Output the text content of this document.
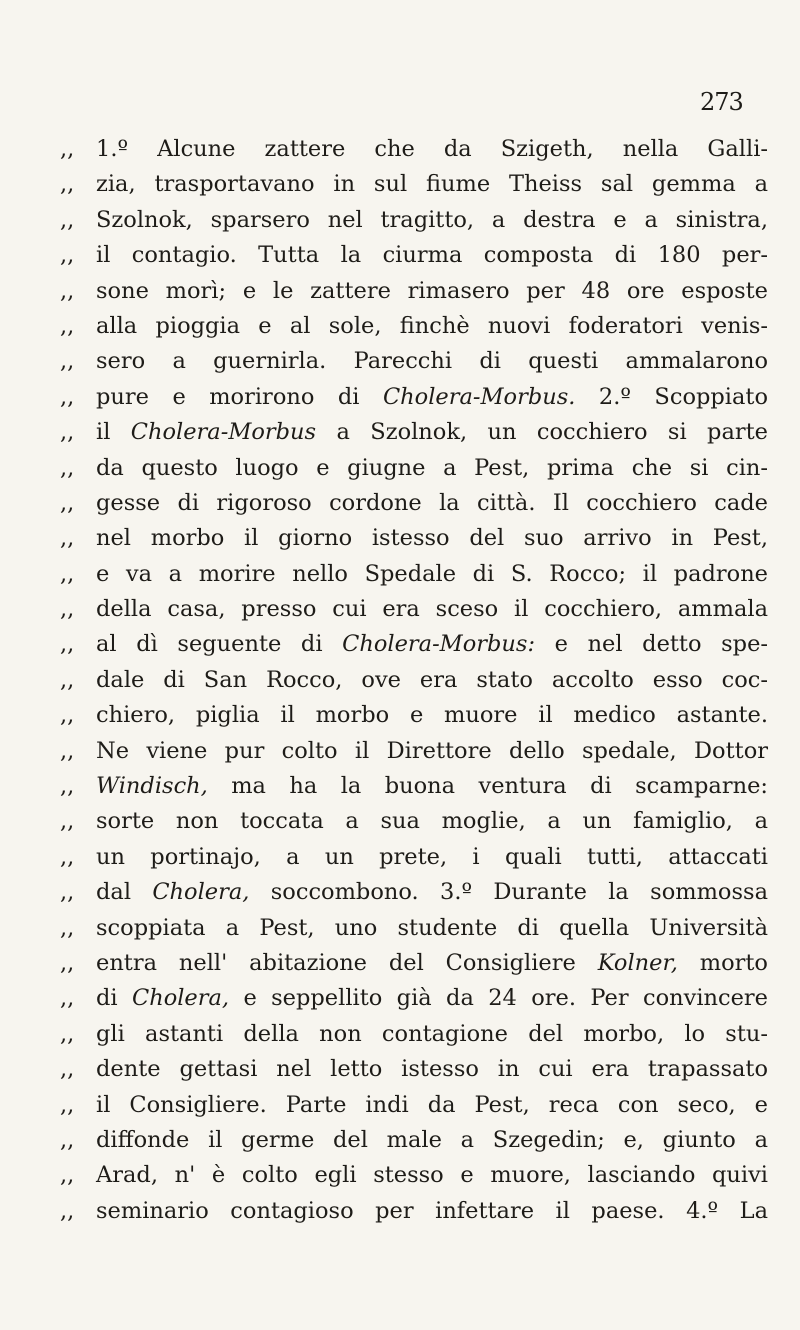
273
,, 1.º Alcune zattere che da Szigeth, nella Galli-
,, zia, trasportavano in sul fiume Theiss sal gemma a
,, Szolnok, sparsero nel tragitto, a destra e a sinistra,
,, il contagio. Tutta la ciurma composta di 180 per-
,, sone morì; e le zattere rimasero per 48 ore esposte
,, alla pioggia e al sole, finchè nuovi foderatori venis-
,, sero a guernirla. Parecchi di questi ammalarono
,, pure e morirono di Cholera-Morbus. 2.º Scoppiato
,, il Cholera-Morbus a Szolnok, un cocchiero si parte
,, da questo luogo e giugne a Pest, prima che si cin-
,, gesse di rigoroso cordone la città. Il cocchiero cade
,, nel morbo il giorno istesso del suo arrivo in Pest,
,, e va a morire nello Spedale di S. Rocco; il padrone
,, della casa, presso cui era sceso il cocchiero, ammala
,, al dì seguente di Cholera-Morbus: e nel detto spe-
,, dale di San Rocco, ove era stato accolto esso coc-
,, chiero, piglia il morbo e muore il medico astante.
,, Ne viene pur colto il Direttore dello spedale, Dottor
,, Windisch, ma ha la buona ventura di scamparne:
,, sorte non toccata a sua moglie, a un famiglio, a
,, un portinajo, a un prete, i quali tutti, attaccati
,, dal Cholera, soccombono. 3.º Durante la sommossa
,, scoppiata a Pest, uno studente di quella Università
,, entra nell' abitazione del Consigliere Kolner, morto
,, di Cholera, e seppellito già da 24 ore. Per convincere
,, gli astanti della non contagione del morbo, lo stu-
,, dente gettasi nel letto istesso in cui era trapassato
,, il Consigliere. Parte indi da Pest, reca con seco, e
,, diffonde il germe del male a Szegedin; e, giunto a
,, Arad, n' è colto egli stesso e muore, lasciando quivi
,, seminario contagioso per infettare il paese. 4.º La
